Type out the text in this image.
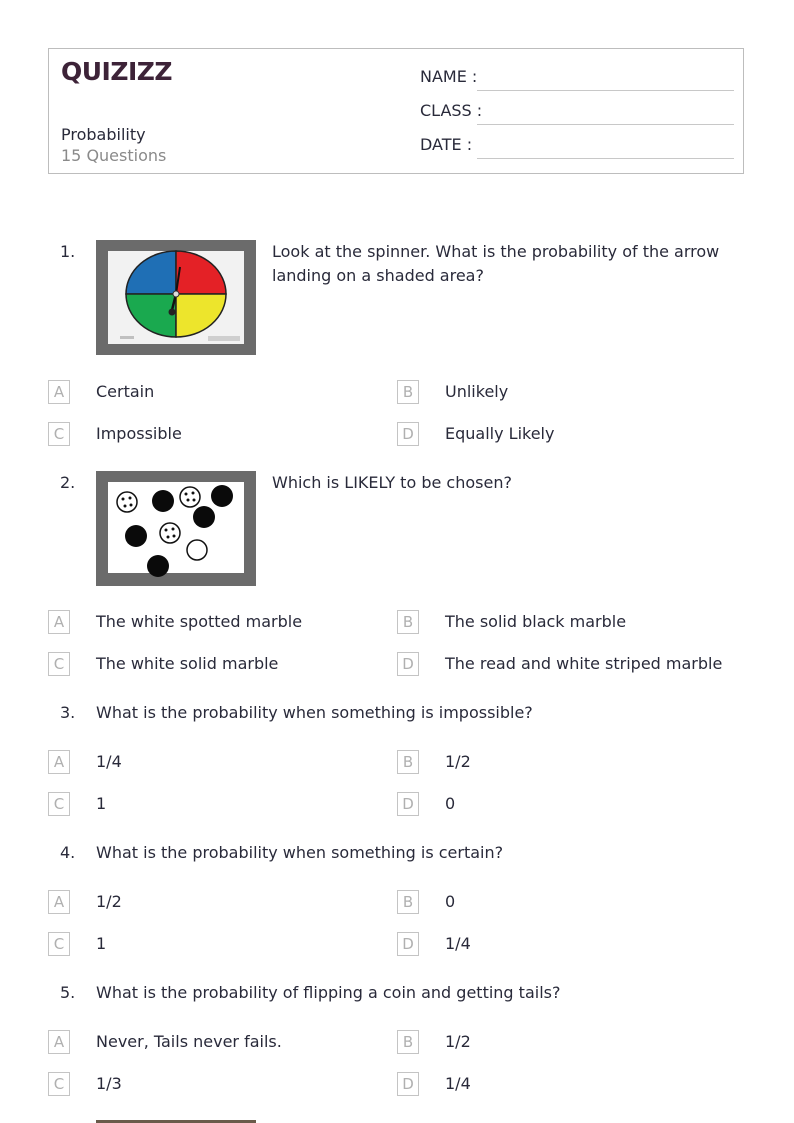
QUIZIZZ
Probability
15 Questions
NAME :
CLASS :
DATE :
1.	Look at the spinner. What is the probability of the arrow landing on a shaded area?
A	Certain	B	Unlikely
C	Impossible	D	Equally Likely
2.	Which is LIKELY to be chosen?
A	The white spotted marble	B	The solid black marble
C	The white solid marble	D	The read and white striped marble
3. What is the probability when something is impossible?
A	1/4	B	1/2
C	1	D	0
4. What is the probability when something is certain?
A	1/2	B	0
C	1	D	1/4
5. What is the probability of flipping a coin and getting tails?
A	Never, Tails never fails.	B	1/2
C	1/3	D	1/4
